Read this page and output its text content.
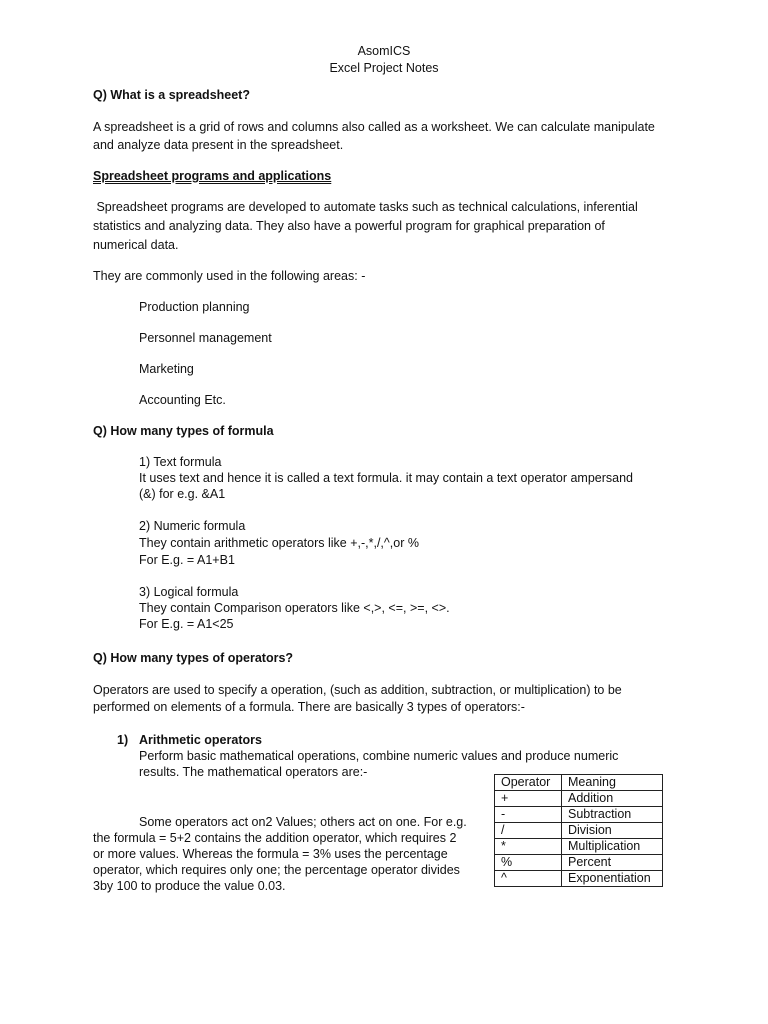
AsomICS
Excel Project Notes
Q) What is a spreadsheet?
A spreadsheet is a grid of rows and columns also called as a worksheet. We can calculate manipulate
and analyze data present in the spreadsheet.
Spreadsheet programs and applications
Spreadsheet programs are developed to automate tasks such as technical calculations, inferential
statistics and analyzing data. They also have a powerful program for graphical preparation of
numerical data.
They are commonly used in the following areas: -
Production planning
Personnel management
Marketing
Accounting Etc.
Q) How many types of formula
1) Text formula
It uses text and hence it is called a text formula. it may contain a text operator ampersand
(&) for e.g. &A1
2) Numeric formula
They contain arithmetic operators like +,-,*,/,^,or %
For E.g. = A1+B1
3) Logical formula
They contain Comparison operators like <,>, <=, >=, <>.
For E.g. = A1<25
Q) How many types of operators?
Operators are used to specify a operation, (such as addition, subtraction, or multiplication) to be
performed on elements of a formula. There are basically 3 types of operators:-
1) Arithmetic operators
Perform basic mathematical operations, combine numeric values and produce numeric
results. The mathematical operators are:-
Some operators act on2 Values; others act on one. For e.g.
the formula = 5+2 contains the addition operator, which requires 2
or more values. Whereas the formula = 3% uses the percentage
operator, which requires only one; the percentage operator divides
3by 100 to produce the value 0.03.
Operator	Meaning
+	Addition
-	Subtraction
/	Division
*	Multiplication
%	Percent
^	Exponentiation
